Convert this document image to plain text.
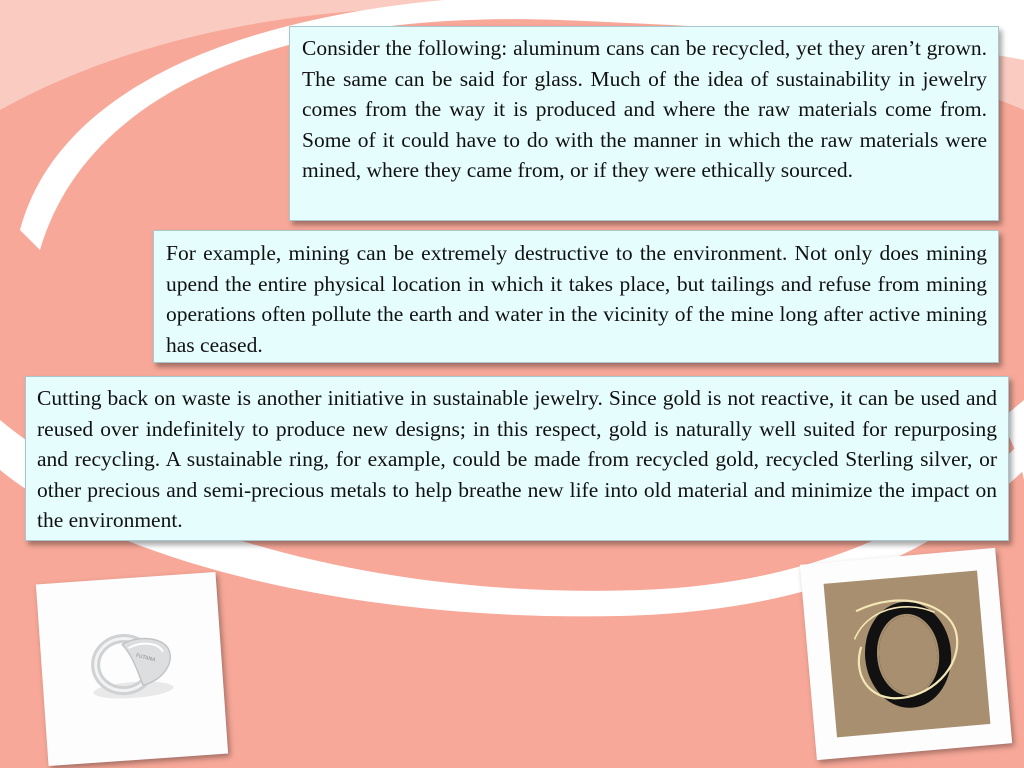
Consider the following: aluminum cans can be recycled, yet they aren’t grown. The same can be said for glass. Much of the idea of sustainability in jewelry comes from the way it is produced and where the raw materials come from. Some of it could have to do with the manner in which the raw materials were mined, where they came from, or if they were ethically sourced.
For example, mining can be extremely destructive to the environment. Not only does mining upend the entire physical location in which it takes place, but tailings and refuse from mining operations often pollute the earth and water in the vicinity of the mine long after active mining has ceased.
Cutting back on waste is another initiative in sustainable jewelry. Since gold is not reactive, it can be used and reused over indefinitely to produce new designs; in this respect, gold is naturally well suited for repurposing and recycling. A sustainable ring, for example, could be made from recycled gold, recycled Sterling silver, or other precious and semi-precious metals to help breathe new life into old material and minimize the impact on the environment.
FUTANA
